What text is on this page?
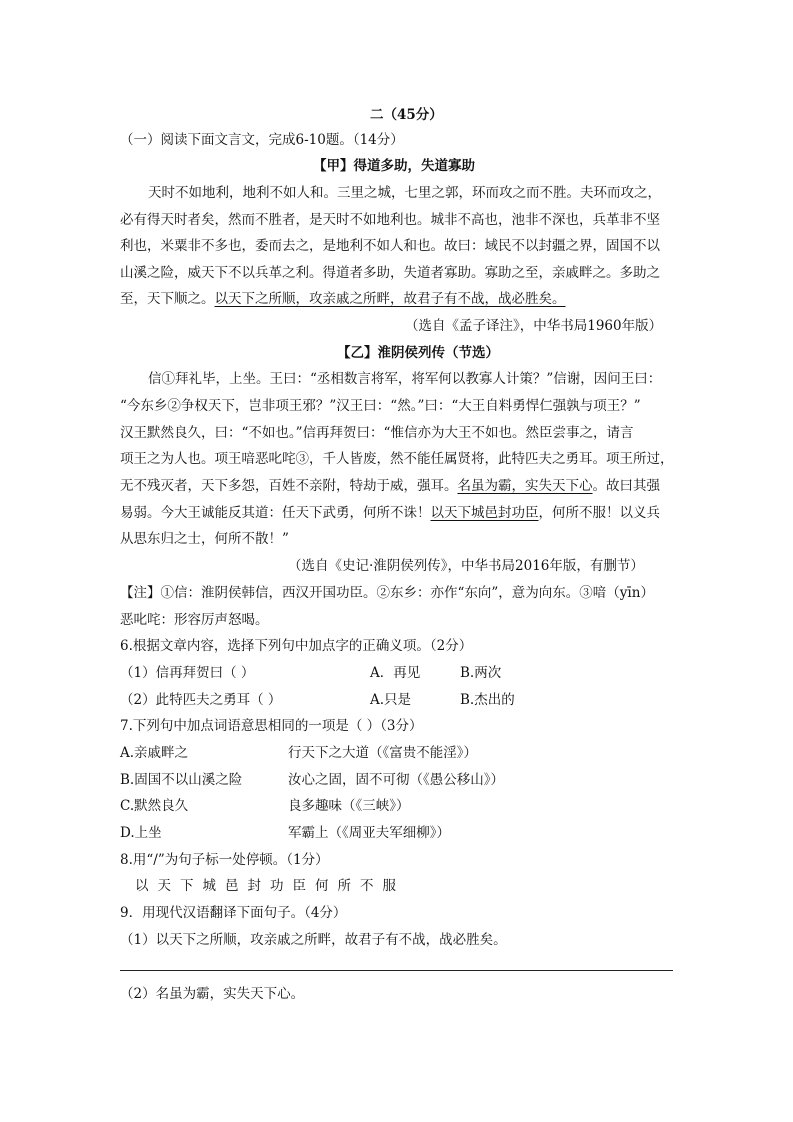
二（45分）
（一）阅读下面文言文，完成6-10题。（14分）
【甲】得道多助，失道寡助
天时不如地利，地利不如人和。三里之城，七里之郭，环而攻之而不胜。夫环而攻之，
必有得天时者矣，然而不胜者，是天时不如地利也。城非不高也，池非不深也，兵革非不坚
利也，米粟非不多也，委而去之，是地利不如人和也。故曰：域民不以封疆之界，固国不以
山溪之险，威天下不以兵革之利。得道者多助，失道者寡助。寡助之至，亲戚畔之。多助之
至，天下顺之。以天下之所顺，攻亲戚之所畔，故君子有不战，战必胜矣。
（选自《孟子译注》，中华书局1960年版）
【乙】淮阴侯列传（节选）
信①拜礼毕，上坐。王曰：“丞相数言将军，将军何以教寡人计策？”信谢，因问王曰：
“今东乡②争权天下，岂非项王邪？”汉王曰：“然。”曰：“大王自料勇悍仁强孰与项王？”
汉王默然良久，曰：“不如也。”信再拜贺曰：“惟信亦为大王不如也。然臣尝事之，请言
项王之为人也。项王喑恶叱咤③，千人皆废，然不能任属贤将，此特匹夫之勇耳。项王所过，
无不残灭者，天下多怨，百姓不亲附，特劫于威，强耳。名虽为霸，实失天下心。故曰其强
易弱。今大王诚能反其道：任天下武勇，何所不诛！以天下城邑封功臣，何所不服！以义兵
从思东归之士，何所不散！”
（选自《史记·淮阴侯列传》，中华书局2016年版，有删节）
【注】①信：淮阴侯韩信，西汉开国功臣。②东乡：亦作“东向”，意为向东。③喑（yīn）
恶叱咤：形容厉声怒喝。
6.根据文章内容，选择下列句中加点字的正确义项。（2分）
（1）信再拜贺曰（ ）	A．再见	B.两次
（2）此特匹夫之勇耳（ ）	A.只是	B.杰出的
7.下列句中加点词语意思相同的一项是（ ）（3分）
A.亲戚畔之	行天下之大道（《富贵不能淫》）
B.固国不以山溪之险	汝心之固，固不可彻（《愚公移山》）
C.默然良久	良多趣味（《三峡》）
D.上坐	军霸上（《周亚夫军细柳》）
8.用“/”为句子标一处停顿。（1分）
以天下城邑封功臣何所不服
9．用现代汉语翻译下面句子。（4分）
（1）以天下之所顺，攻亲戚之所畔，故君子有不战，战必胜矣。
（2）名虽为霸，实失天下心。
